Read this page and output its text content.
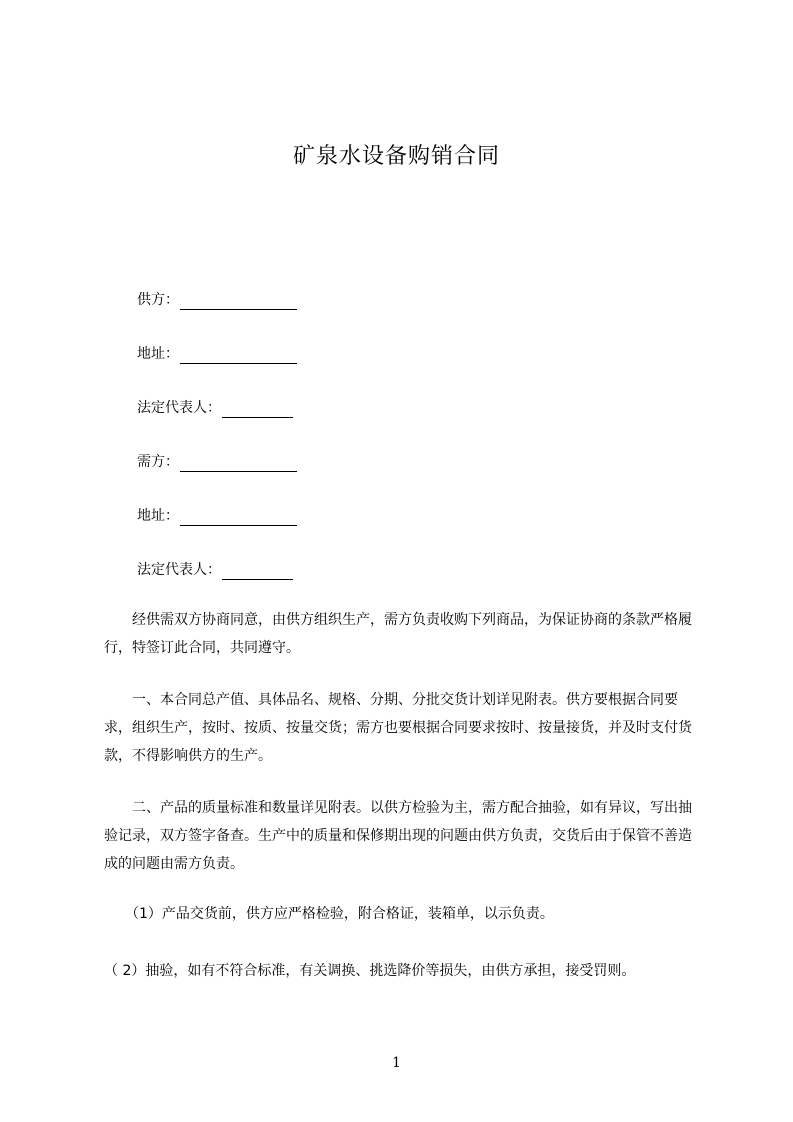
矿泉水设备购销合同
供方：
地址：
法定代表人：
需方：
地址：
法定代表人：
　　经供需双方协商同意，由供方组织生产，需方负责收购下列商品，为保证协商的条款严格履行，特签订此合同，共同遵守。
　　一、本合同总产值、具体品名、规格、分期、分批交货计划详见附表。供方要根据合同要求，组织生产，按时、按质、按量交货；需方也要根据合同要求按时、按量接货，并及时支付货款，不得影响供方的生产。
　　二、产品的质量标准和数量详见附表。以供方检验为主，需方配合抽验，如有异议，写出抽验记录，双方签字备查。生产中的质量和保修期出现的问题由供方负责，交货后由于保管不善造成的问题由需方负责。
　　（1）产品交货前，供方应严格检验，附合格证，装箱单，以示负责。
（ 2）抽验，如有不符合标准，有关调换、挑选降价等损失，由供方承担，接受罚则。
1
